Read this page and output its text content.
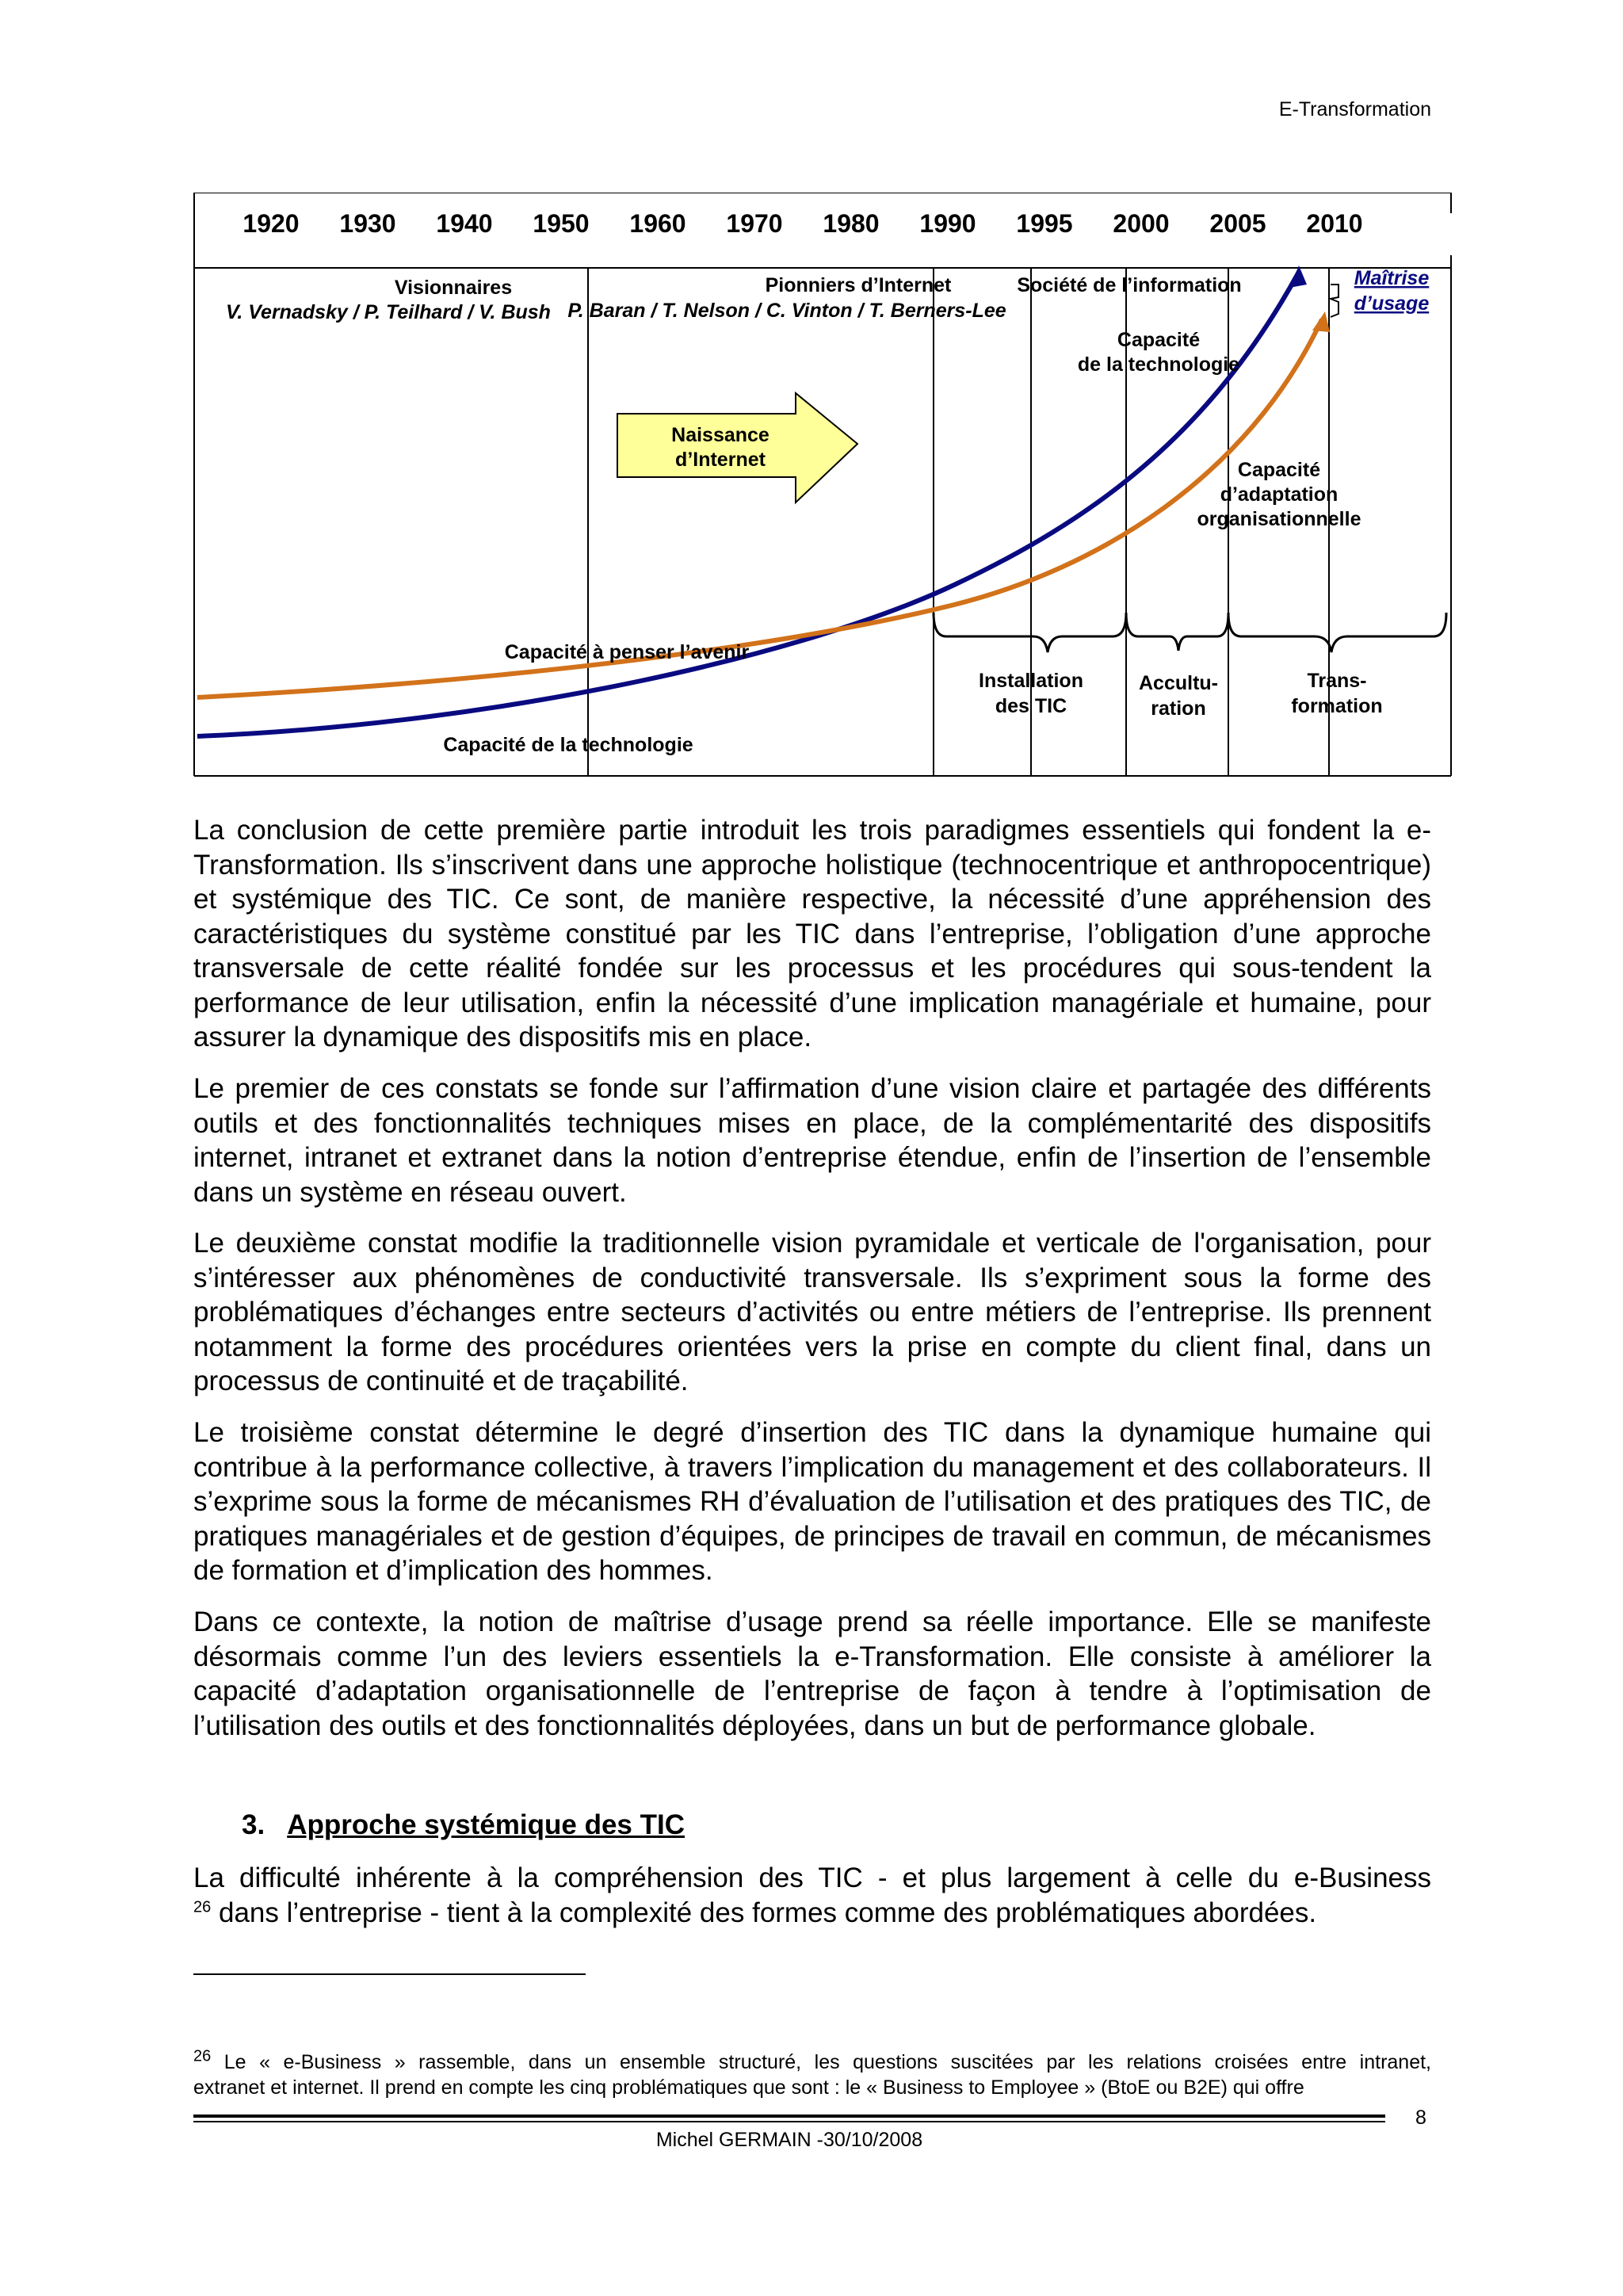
E-Transformation
1920 1930 1940 1950 1960 1970 1980 1990 1995 2000 2005 2010
Visionnaires
V. Vernadsky / P. Teilhard / V. Bush
Pionniers d’Internet
P. Baran / T. Nelson / C. Vinton / T. Berners-Lee
Société de l’information	Maîtrise
d’usage
Naissance
d’Internet
Capacité
de la technologie
Capacité
d’adaptation
organisationnelle
Capacité à penser l’avenir
Capacité de la technologie
Installation
des TIC
Accultu-
ration
Trans-
formation

La conclusion de cette première partie introduit les trois paradigmes essentiels qui fondent la e-Transformation. Ils s’inscrivent dans une approche holistique (technocentrique et anthropocentrique) et systémique des TIC. Ce sont, de manière respective, la nécessité d’une appréhension des caractéristiques du système constitué par les TIC dans l’entreprise, l’obligation d’une approche transversale de cette réalité fondée sur les processus et les procédures qui sous-tendent la performance de leur utilisation, enfin la nécessité d’une implication managériale et humaine, pour assurer la dynamique des dispositifs mis en place.

Le premier de ces constats se fonde sur l’affirmation d’une vision claire et partagée des différents outils et des fonctionnalités techniques mises en place, de la complémentarité des dispositifs internet, intranet et extranet dans la notion d’entreprise étendue, enfin de l’insertion de l’ensemble dans un système en réseau ouvert.

Le deuxième constat modifie la traditionnelle vision pyramidale et verticale de l'organisation, pour s’intéresser aux phénomènes de conductivité transversale. Ils s’expriment sous la forme des problématiques d’échanges entre secteurs d’activités ou entre métiers de l’entreprise. Ils prennent notamment la forme des procédures orientées vers la prise en compte du client final, dans un processus de continuité et de traçabilité.

Le troisième constat détermine le degré d’insertion des TIC dans la dynamique humaine qui contribue à la performance collective, à travers l’implication du management et des collaborateurs. Il s’exprime sous la forme de mécanismes RH d’évaluation de l’utilisation et des pratiques des TIC, de pratiques managériales et de gestion d’équipes, de principes de travail en commun, de mécanismes de formation et d’implication des hommes.

Dans ce contexte, la notion de maîtrise d’usage prend sa réelle importance. Elle se manifeste désormais comme l’un des leviers essentiels la e-Transformation. Elle consiste à améliorer la capacité d’adaptation organisationnelle de l’entreprise de façon à tendre à l’optimisation de l’utilisation des outils et des fonctionnalités déployées, dans un but de performance globale.

3. Approche systémique des TIC
La difficulté inhérente à la compréhension des TIC - et plus largement à celle du e-Business
$^{26}$ dans l’entreprise - tient à la complexité des formes comme des problématiques abordées.
$^{26}$ Le « e-Business » rassemble, dans un ensemble structuré, les questions suscitées par les relations croisées entre intranet,
extranet et internet. Il prend en compte les cinq problématiques que sont : le « Business to Employee » (BtoE ou B2E) qui offre
8
Michel GERMAIN -30/10/2008
